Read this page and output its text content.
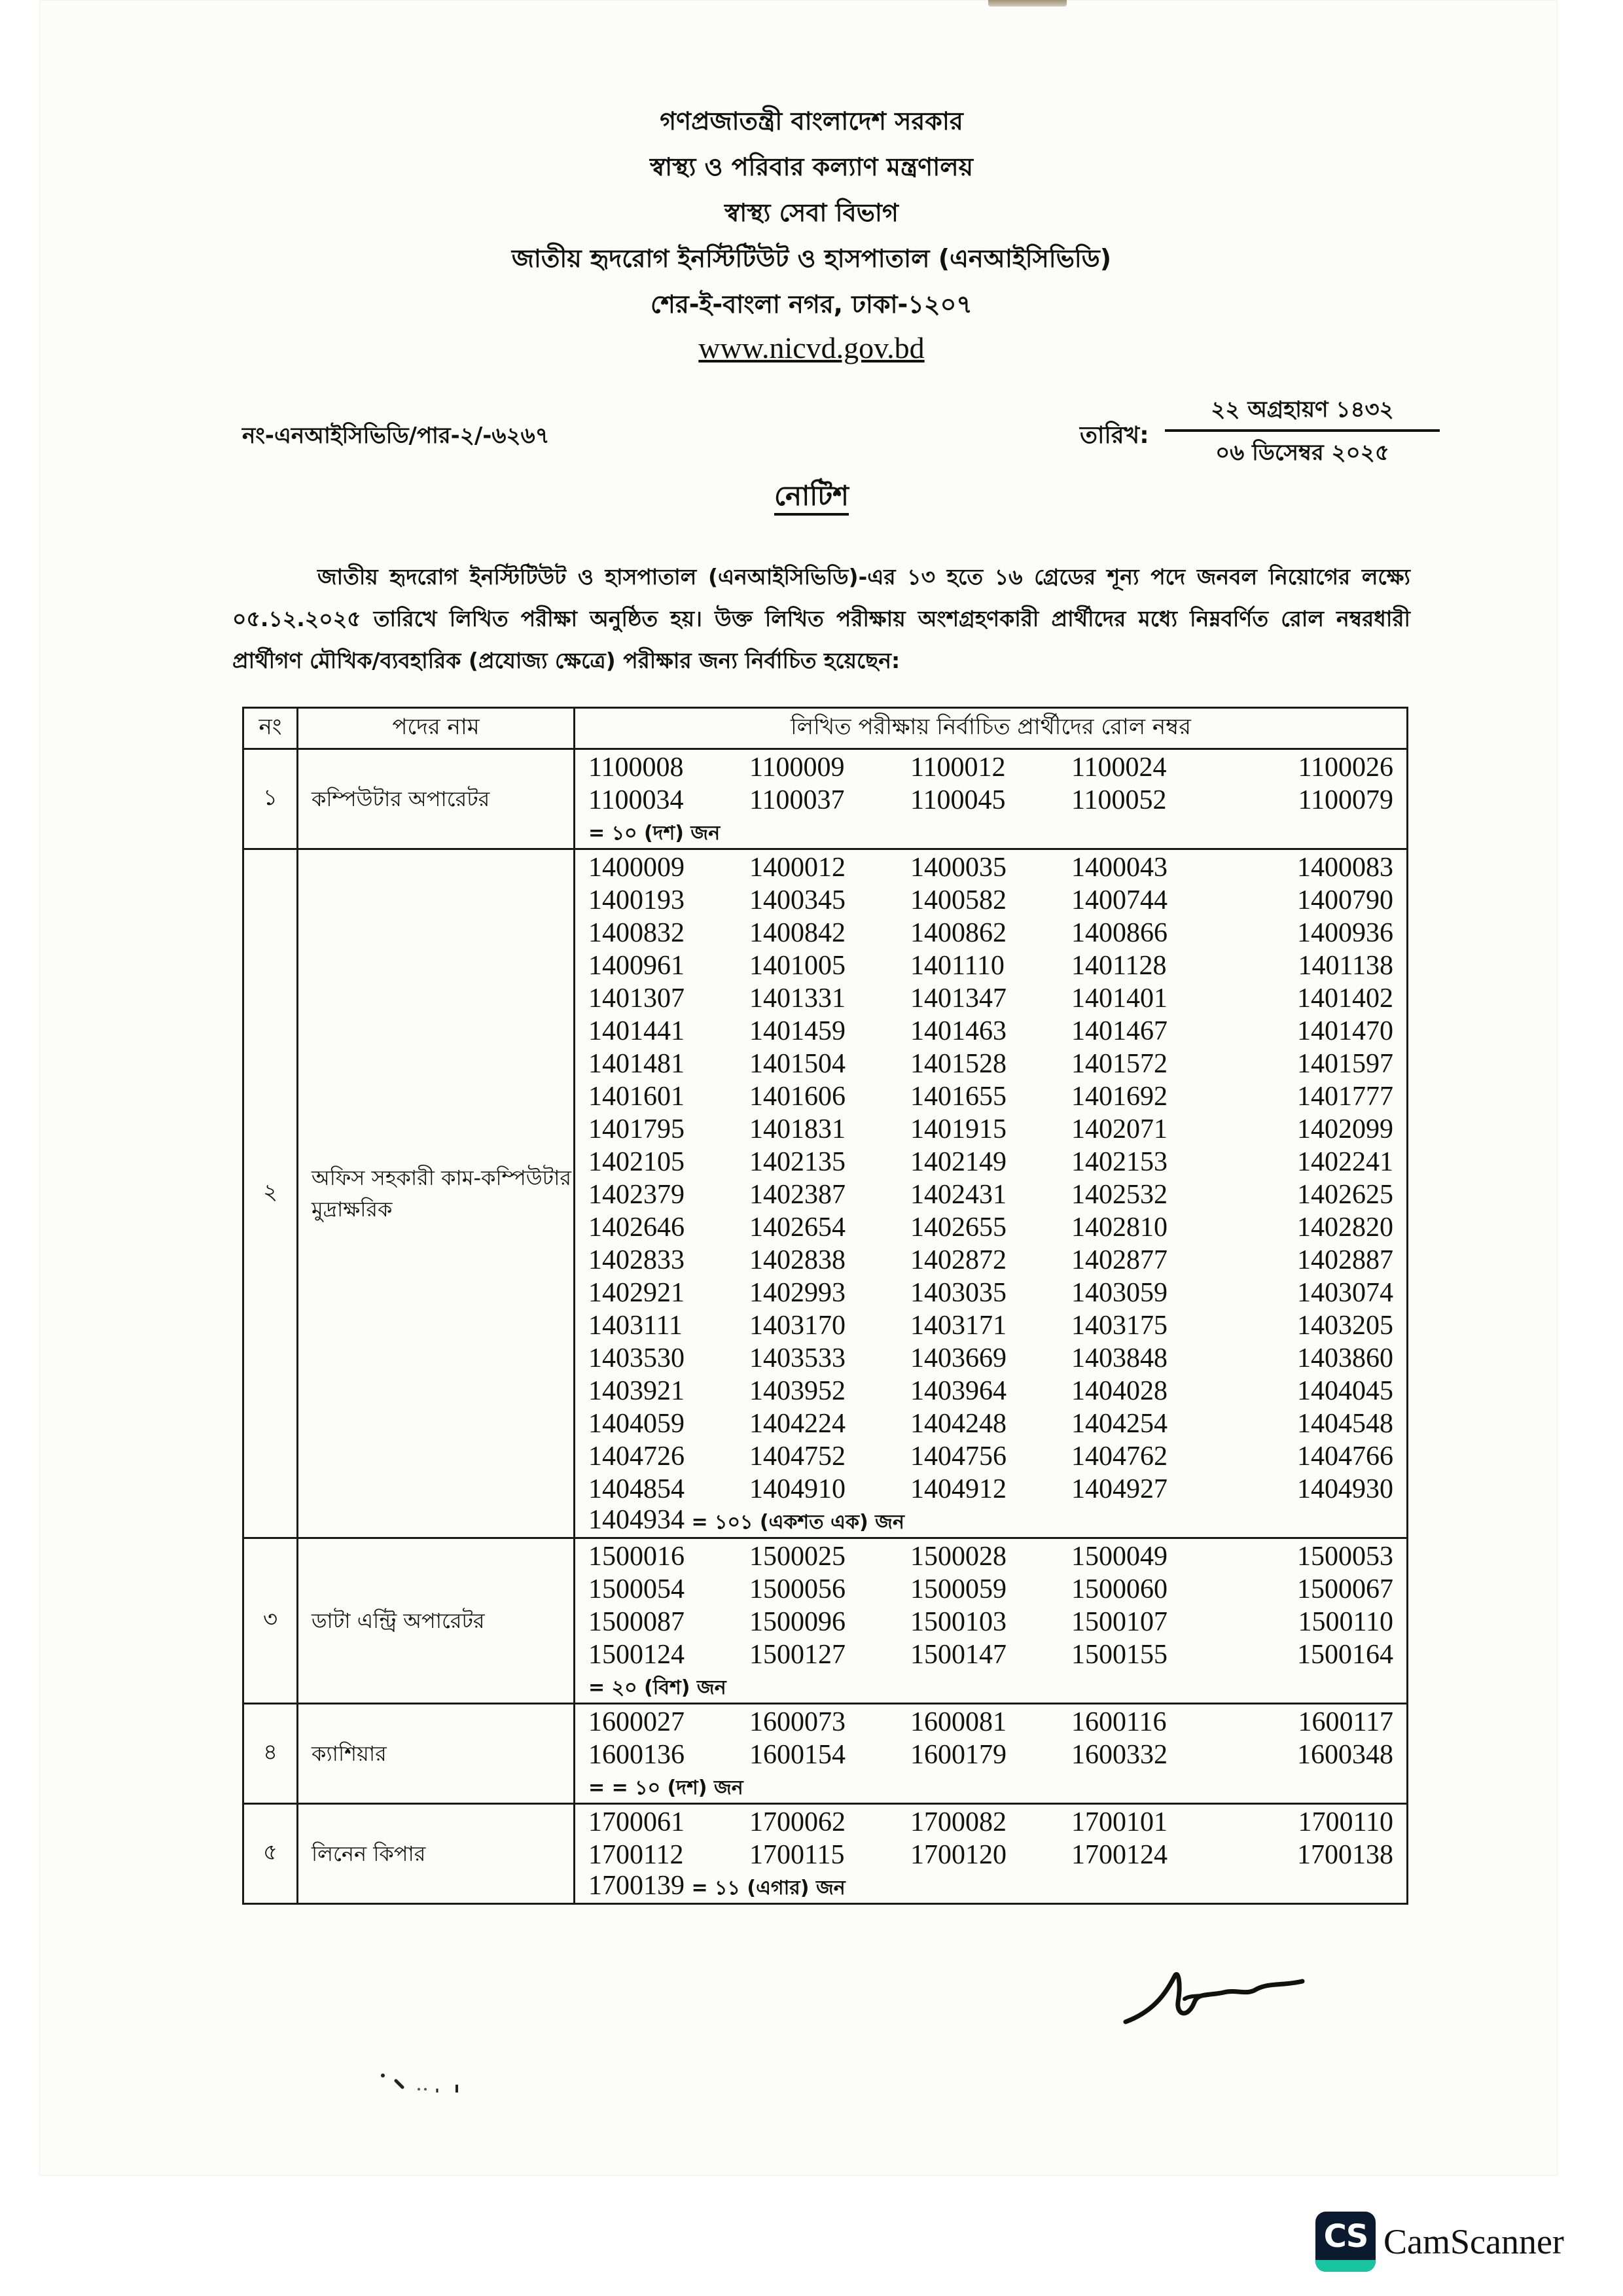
গণপ্রজাতন্ত্রী বাংলাদেশ সরকার
স্বাস্থ্য ও পরিবার কল্যাণ মন্ত্রণালয়
স্বাস্থ্য সেবা বিভাগ
জাতীয় হৃদরোগ ইনস্টিটিউট ও হাসপাতাল (এনআইসিভিডি)
শের-ই-বাংলা নগর, ঢাকা-১২০৭
www.nicvd.gov.bd
নং-এনআইসিভিডি/পার-২/-৬২৬৭	তারিখ:
২২ অগ্রহায়ণ ১৪৩২
০৬ ডিসেম্বর ২০২৫
নোটিশ
জাতীয় হৃদরোগ ইনস্টিটিউট ও হাসপাতাল (এনআইসিভিডি)-এর ১৩ হতে ১৬ গ্রেডের শূন্য পদে জনবল নিয়োগের লক্ষ্যে ০৫.১২.২০২৫ তারিখে লিখিত পরীক্ষা অনুষ্ঠিত হয়। উক্ত লিখিত পরীক্ষায় অংশগ্রহণকারী প্রার্থীদের মধ্যে নিম্নবর্ণিত রোল নম্বরধারী প্রার্থীগণ মৌখিক/ব্যবহারিক (প্রযোজ্য ক্ষেত্রে) পরীক্ষার জন্য নির্বাচিত হয়েছেন:
নং	পদের নাম	লিখিত পরীক্ষায় নির্বাচিত প্রার্থীদের রোল নম্বর
১	কম্পিউটার অপারেটর	
1100008	1100009	1100012	1100024	1100026
1100034	1100037	1100045	1100052	1100079
= ১০ (দশ) জন

২	অফিস সহকারী কাম-কম্পিউটার মুদ্রাক্ষরিক	
1400009	1400012	1400035	1400043	1400083
1400193	1400345	1400582	1400744	1400790
1400832	1400842	1400862	1400866	1400936
1400961	1401005	1401110	1401128	1401138
1401307	1401331	1401347	1401401	1401402
1401441	1401459	1401463	1401467	1401470
1401481	1401504	1401528	1401572	1401597
1401601	1401606	1401655	1401692	1401777
1401795	1401831	1401915	1402071	1402099
1402105	1402135	1402149	1402153	1402241
1402379	1402387	1402431	1402532	1402625
1402646	1402654	1402655	1402810	1402820
1402833	1402838	1402872	1402877	1402887
1402921	1402993	1403035	1403059	1403074
1403111	1403170	1403171	1403175	1403205
1403530	1403533	1403669	1403848	1403860
1403921	1403952	1403964	1404028	1404045
1404059	1404224	1404248	1404254	1404548
1404726	1404752	1404756	1404762	1404766
1404854	1404910	1404912	1404927	1404930
1404934 = ১০১ (একশত এক) জন

৩	ডাটা এন্ট্রি অপারেটর	
1500016	1500025	1500028	1500049	1500053
1500054	1500056	1500059	1500060	1500067
1500087	1500096	1500103	1500107	1500110
1500124	1500127	1500147	1500155	1500164
= ২০ (বিশ) জন

৪	ক্যাশিয়ার	
1600027	1600073	1600081	1600116	1600117
1600136	1600154	1600179	1600332	1600348
= = ১০ (দশ) জন

৫	লিনেন কিপার	
1700061	1700062	1700082	1700101	1700110
1700112	1700115	1700120	1700124	1700138
1700139 = ১১ (এগার) জন
CS CamScanner
